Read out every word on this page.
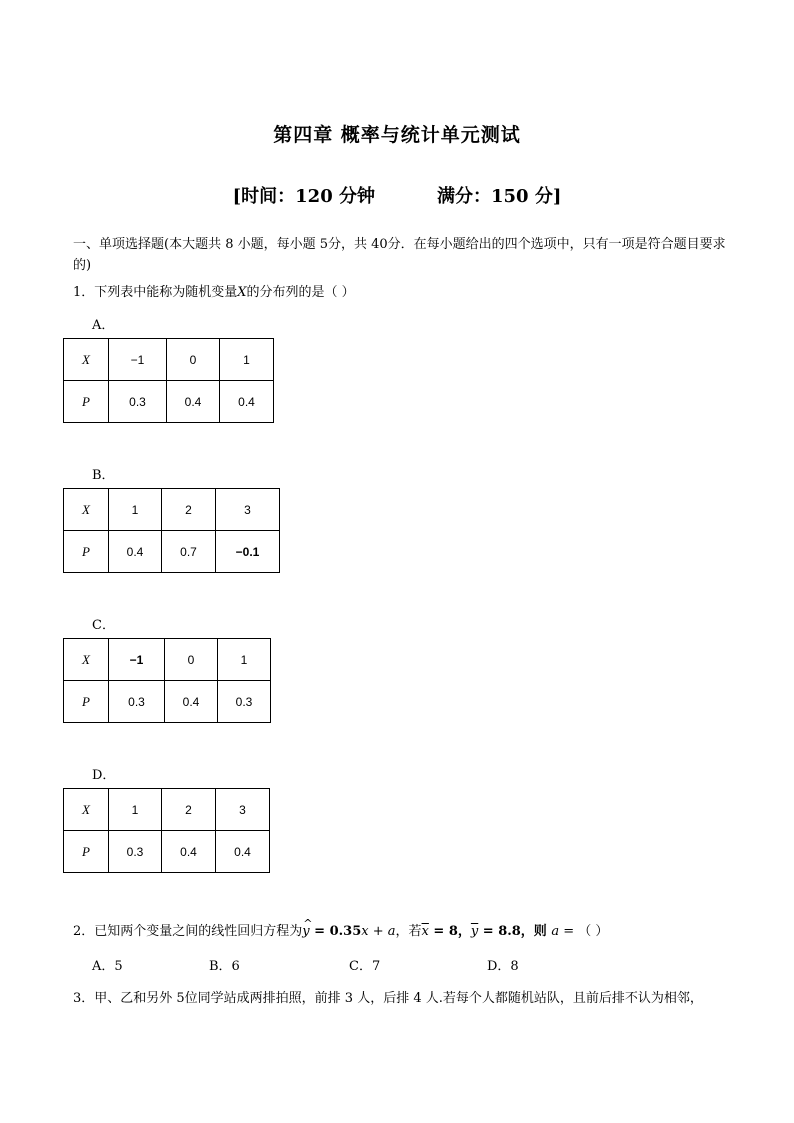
第四章 概率与统计单元测试
[时间：120 分钟	满分：150 分]
一、单项选择题(本大题共 8 小题，每小题 5分，共 40分．在每小题给出的四个选项中，只有一项是符合题目要求的)
1．下列表中能称为随机变量X的分布列的是（ ）
A．
X	−1	0	1
P	0.3	0.4	0.4
B．
X	1	2	3
P	0.4	0.7	−0.1
C．
X	−1	0	1
P	0.3	0.4	0.3
D．
X	1	2	3
P	0.3	0.4	0.4
2．已知两个变量之间的线性回归方程为^ y = 0.35x + a，若$\overline{x} = 8$，$\overline{y} = 8.8$，则 a = （ ）
A．5	B．6	C．7	D．8
3．甲、乙和另外 5位同学站成两排拍照，前排 3 人，后排 4 人.若每个人都随机站队，且前后排不认为相邻，
